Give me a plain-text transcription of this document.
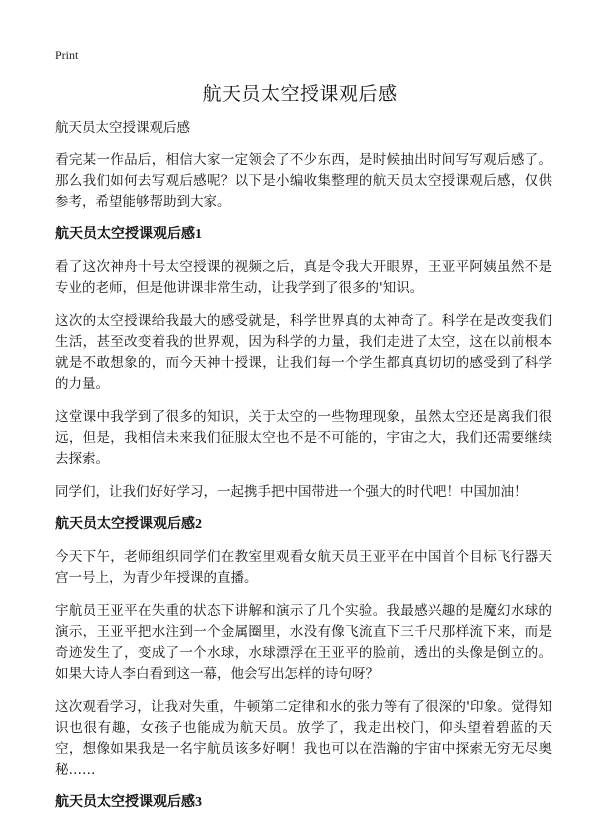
Print
航天员太空授课观后感
航天员太空授课观后感

看完某一作品后，相信大家一定领会了不少东西，是时候抽出时间写写观后感了。那么我们如何去写观后感呢？以下是小编收集整理的航天员太空授课观后感，仅供参考，希望能够帮助到大家。

航天员太空授课观后感1

看了这次神舟十号太空授课的视频之后，真是令我大开眼界，王亚平阿姨虽然不是专业的老师，但是他讲课非常生动，让我学到了很多的'知识。

这次的太空授课给我最大的感受就是，科学世界真的太神奇了。科学在是改变我们生活，甚至改变着我的世界观，因为科学的力量，我们走进了太空，这在以前根本就是不敢想象的，而今天神十授课，让我们每一个学生都真真切切的感受到了科学的力量。

这堂课中我学到了很多的知识，关于太空的一些物理现象，虽然太空还是离我们很远，但是，我相信未来我们征服太空也不是不可能的，宇宙之大，我们还需要继续去探索。

同学们，让我们好好学习，一起携手把中国带进一个强大的时代吧！中国加油！

航天员太空授课观后感2

今天下午，老师组织同学们在教室里观看女航天员王亚平在中国首个目标飞行器天宫一号上，为青少年授课的直播。

宇航员王亚平在失重的状态下讲解和演示了几个实验。我最感兴趣的是魔幻水球的演示，王亚平把水注到一个金属圈里，水没有像飞流直下三千尺那样流下来，而是奇迹发生了，变成了一个水球，水球漂浮在王亚平的脸前，透出的头像是倒立的。如果大诗人李白看到这一幕，他会写出怎样的诗句呀？

这次观看学习，让我对失重，牛顿第二定律和水的张力等有了很深的'印象。觉得知识也很有趣，女孩子也能成为航天员。放学了，我走出校门，仰头望着碧蓝的天空，想像如果我是一名宇航员该多好啊！我也可以在浩瀚的宇宙中探索无穷无尽奥秘……

航天员太空授课观后感3
